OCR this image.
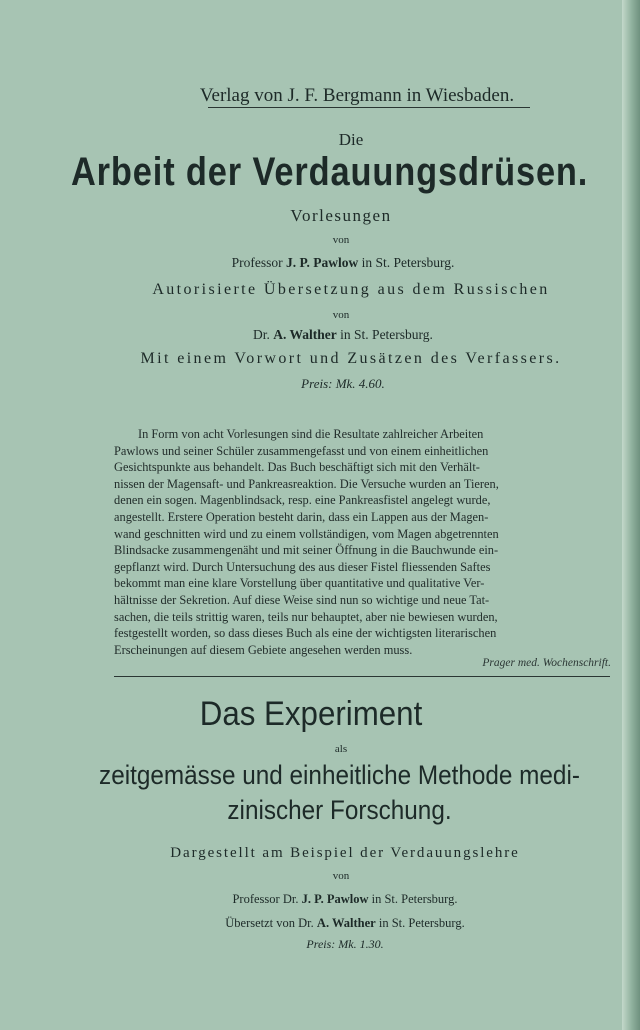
Verlag von J. F. Bergmann in Wiesbaden.
Die
Arbeit der Verdauungsdrüsen.
Vorlesungen
von
Professor J. P. Pawlow in St. Petersburg.
Autorisierte Übersetzung aus dem Russischen
von
Dr. A. Walther in St. Petersburg.
Mit einem Vorwort und Zusätzen des Verfassers.
Preis: Mk. 4.60.
In Form von acht Vorlesungen sind die Resultate zahlreicher Arbeiten
Pawlows und seiner Schüler zusammengefasst und von einem einheitlichen
Gesichtspunkte aus behandelt. Das Buch beschäftigt sich mit den Verhält-
nissen der Magensaft- und Pankreasreaktion. Die Versuche wurden an Tieren,
denen ein sogen. Magenblindsack, resp. eine Pankreasfistel angelegt wurde,
angestellt. Erstere Operation besteht darin, dass ein Lappen aus der Magen-
wand geschnitten wird und zu einem vollständigen, vom Magen abgetrennten
Blindsacke zusammengenäht und mit seiner Öffnung in die Bauchwunde ein-
gepflanzt wird. Durch Untersuchung des aus dieser Fistel fliessenden Saftes
bekommt man eine klare Vorstellung über quantitative und qualitative Ver-
hältnisse der Sekretion. Auf diese Weise sind nun so wichtige und neue Tat-
sachen, die teils strittig waren, teils nur behauptet, aber nie bewiesen wurden,
festgestellt worden, so dass dieses Buch als eine der wichtigsten literarischen
Erscheinungen auf diesem Gebiete angesehen werden muss.
Prager med. Wochenschrift.
Das Experiment
als
zeitgemässe und einheitliche Methode medi-
zinischer Forschung.
Dargestellt am Beispiel der Verdauungslehre
von
Professor Dr. J. P. Pawlow in St. Petersburg.
Übersetzt von Dr. A. Walther in St. Petersburg.
Preis: Mk. 1.30.
